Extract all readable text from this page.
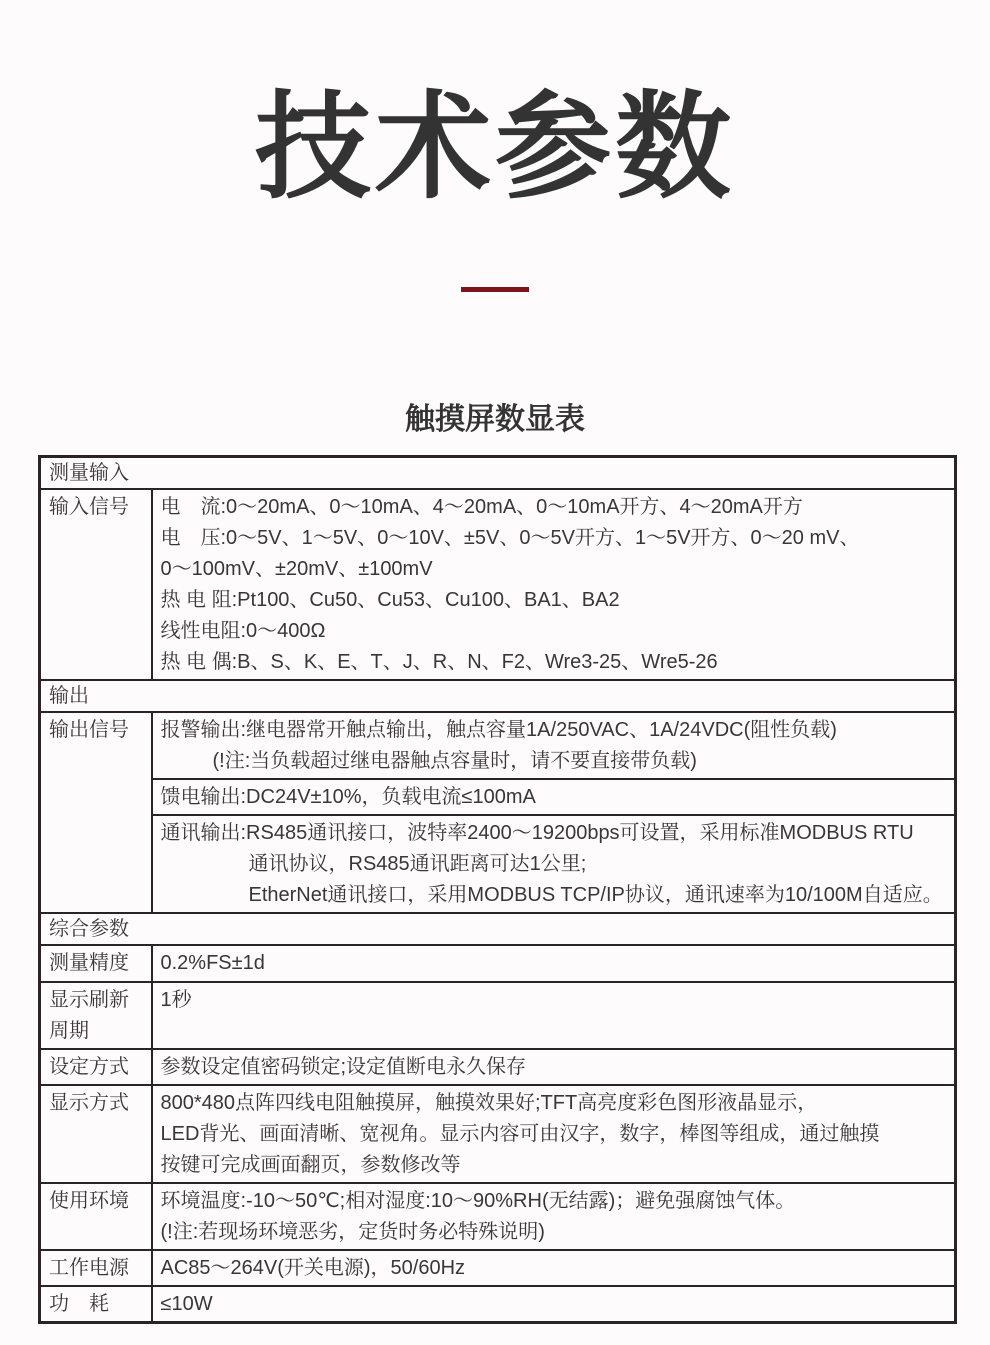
技术参数
触摸屏数显表
测量输入	
输入信号	电　流:0～20mA、0～10mA、4～20mA、0～10mA开方、4～20mA开方
电　压:0～5V、1～5V、0～10V、±5V、0～5V开方、1～5V开方、0～20 mV、
0～100mV、±20mV、±100mV
热 电 阻:Pt100、Cu50、Cu53、Cu100、BA1、BA2
线性电阻:0～400Ω
热 电 偶:B、S、K、E、T、J、R、N、F2、Wre3-25、Wre5-26

输出	
输出信号	报警输出:继电器常开触点输出，触点容量1A/250VAC、1A/24VDC(阻性负载)
(!注:当负载超过继电器触点容量时，请不要直接带负载)

	馈电输出:DC24V±10%，负载电流≤100mA

	通讯输出:RS485通讯接口，波特率2400～19200bps可设置，采用标准MODBUS RTU
通讯协议，RS485通讯距离可达1公里;
EtherNet通讯接口，采用MODBUS TCP/IP协议，通讯速率为10/100M自适应。

综合参数	
测量精度	0.2%FS±1d
显示刷新周期	1秒
设定方式	参数设定值密码锁定;设定值断电永久保存
显示方式	800*480点阵四线电阻触摸屏，触摸效果好;TFT高亮度彩色图形液晶显示，
LED背光、画面清晰、宽视角。显示内容可由汉字，数字，棒图等组成，通过触摸
按键可完成画面翻页，参数修改等

使用环境	环境温度:-10～50℃;相对湿度:10～90%RH(无结露)；避免强腐蚀气体。
(!注:若现场环境恶劣，定货时务必特殊说明)

工作电源	AC85～264V(开关电源)，50/60Hz
功　耗	≤10W
